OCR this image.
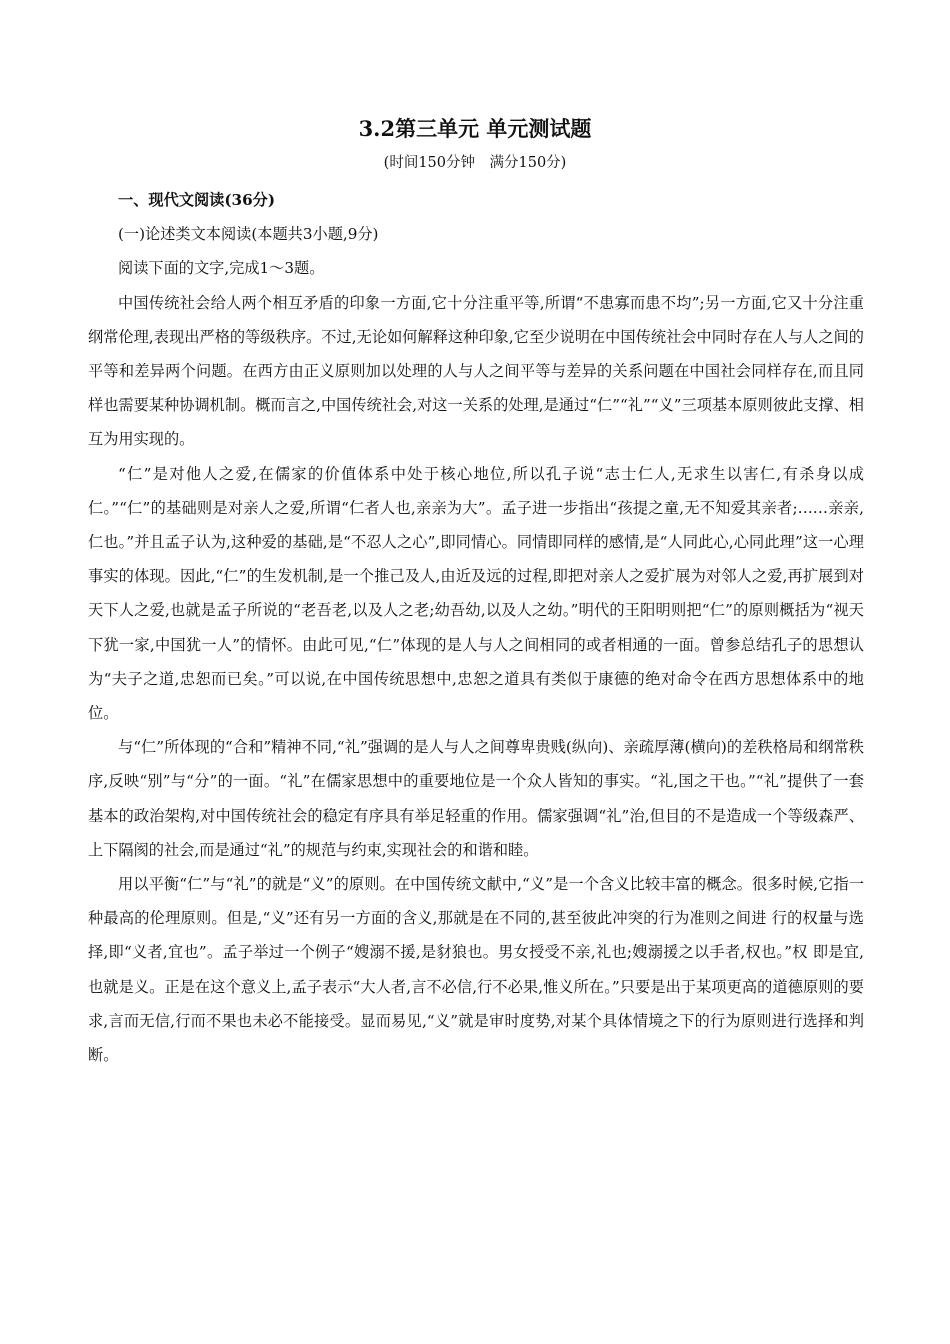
3.2第三单元 单元测试题
(时间150分钟　满分150分)

一、现代文阅读(36分)

(一)论述类文本阅读(本题共3小题,9分)

阅读下面的文字,完成1～3题。

中国传统社会给人两个相互矛盾的印象一方面,它十分注重平等,所谓“不患寡而患不均”;另一方面,它又十分注重纲常伦理,表现出严格的等级秩序。不过,无论如何解释这种印象,它至少说明在中国传统社会中同时存在人与人之间的平等和差异两个问题。在西方由正义原则加以处理的人与人之间平等与差异的关系问题在中国社会同样存在,而且同样也需要某种协调机制。概而言之,中国传统社会,对这一关系的处理,是通过“仁”“礼”“义”三项基本原则彼此支撑、相互为用实现的。

“仁”是对他人之爱,在儒家的价值体系中处于核心地位,所以孔子说“志士仁人,无求生以害仁,有杀身以成仁。”“仁”的基础则是对亲人之爱,所谓“仁者人也,亲亲为大”。孟子进一步指出“孩提之童,无不知爱其亲者;……亲亲,仁也。”并且孟子认为,这种爱的基础,是“不忍人之心”,即同情心。同情即同样的感情,是“人同此心,心同此理”这一心理事实的体现。因此,“仁”的生发机制,是一个推己及人,由近及远的过程,即把对亲人之爱扩展为对邻人之爱,再扩展到对天下人之爱,也就是孟子所说的“老吾老,以及人之老;幼吾幼,以及人之幼。”明代的王阳明则把“仁”的原则概括为“视天下犹一家,中国犹一人”的情怀。由此可见,“仁”体现的是人与人之间相同的或者相通的一面。曾参总结孔子的思想认为“夫子之道,忠恕而已矣。”可以说,在中国传统思想中,忠恕之道具有类似于康德的绝对命令在西方思想体系中的地位。

与“仁”所体现的“合和”精神不同,“礼”强调的是人与人之间尊卑贵贱(纵向)、亲疏厚薄(横向)的差秩格局和纲常秩序,反映“别”与“分”的一面。“礼”在儒家思想中的重要地位是一个众人皆知的事实。“礼,国之干也。”“礼”提供了一套基本的政治架构,对中国传统社会的稳定有序具有举足轻重的作用。儒家强调“礼”治,但目的不是造成一个等级森严、上下隔阂的社会,而是通过“礼”的规范与约束,实现社会的和谐和睦。

用以平衡“仁”与“礼”的就是“义”的原则。在中国传统文献中,“义”是一个含义比较丰富的概念。很多时候,它指一种最高的伦理原则。但是,“义”还有另一方面的含义,那就是在不同的,甚至彼此冲突的行为准则之间进 行的权量与选择,即“义者,宜也”。孟子举过一个例子“嫂溺不援,是豺狼也。男女授受不亲,礼也;嫂溺援之以手者,权也。”权 即是宜,也就是义。正是在这个意义上,孟子表示“大人者,言不必信,行不必果,惟义所在。”只要是出于某项更高的道德原则的要求,言而无信,行而不果也未必不能接受。显而易见,“义”就是审时度势,对某个具体情境之下的行为原则进行选择和判断。
